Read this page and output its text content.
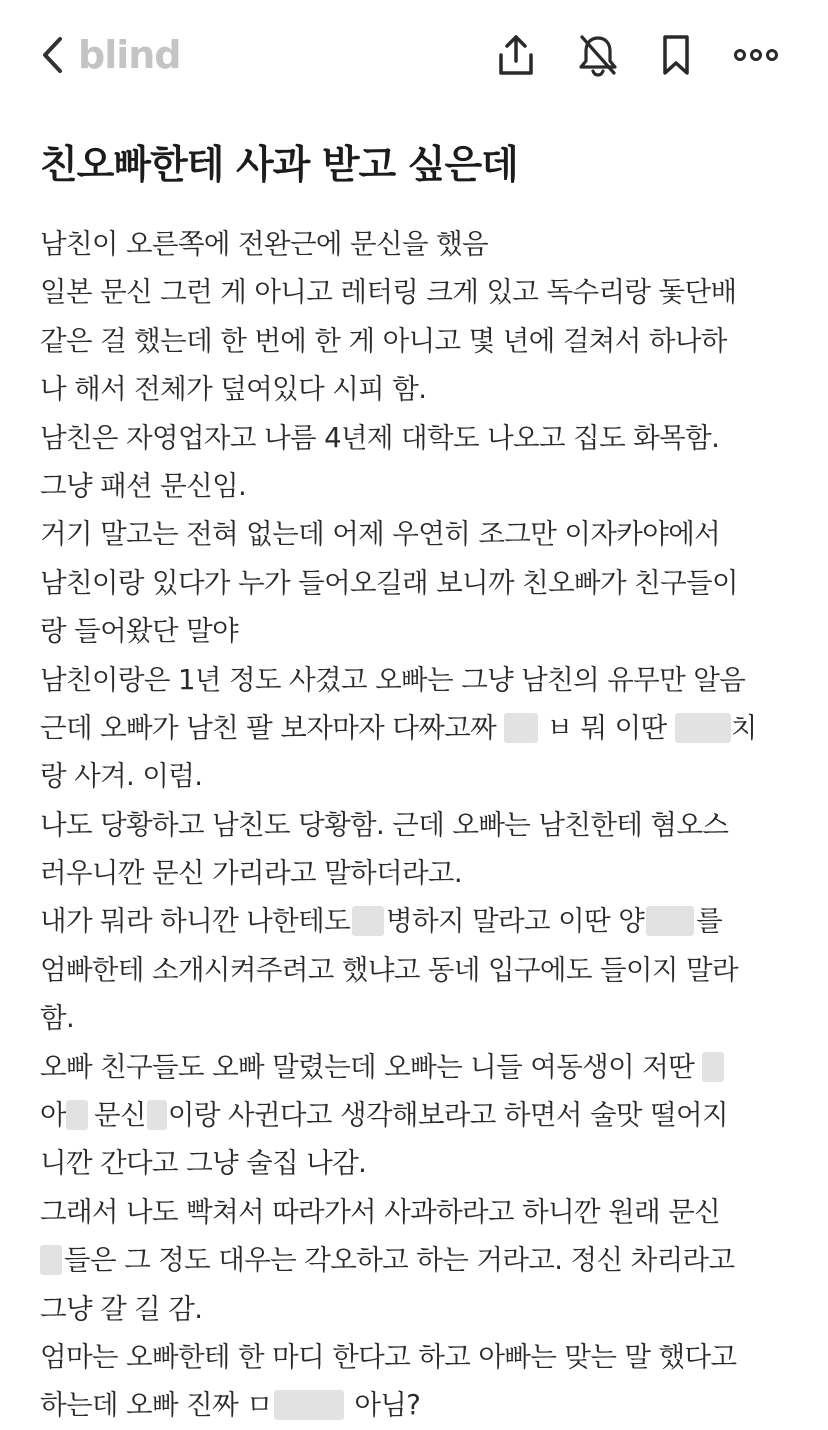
blind
친오빠한테 사과 받고 싶은데
남친이 오른쪽에 전완근에 문신을 했음
일본 문신 그런 게 아니고 레터링 크게 있고 독수리랑 돛단배
같은 걸 했는데 한 번에 한 게 아니고 몇 년에 걸쳐서 하나하
나 해서 전체가 덮여있다 시피 함.
남친은 자영업자고 나름 4년제 대학도 나오고 집도 화목함.
그냥 패션 문신임.
거기 말고는 전혀 없는데 어제 우연히 조그만 이자카야에서
남친이랑 있다가 누가 들어오길래 보니까 친오빠가 친구들이
랑 들어왔단 말야
남친이랑은 1년 정도 사겼고 오빠는 그냥 남친의 유무만 알음
근데 오빠가 남친 팔 보자마자 다짜고짜 ㅂ 뭐 이딴 치
랑 사겨. 이럼.
나도 당황하고 남친도 당황함. 근데 오빠는 남친한테 혐오스
러우니깐 문신 가리라고 말하더라고.
내가 뭐라 하니깐 나한테도 병하지 말라고 이딴 양 를
엄빠한테 소개시켜주려고 했냐고 동네 입구에도 들이지 말라
함.
오빠 친구들도 오빠 말렸는데 오빠는 니들 여동생이 저딴
아 문신 이랑 사귄다고 생각해보라고 하면서 술맛 떨어지
니깐 간다고 그냥 술집 나감.
그래서 나도 빡쳐서 따라가서 사과하라고 하니깐 원래 문신
들은 그 정도 대우는 각오하고 하는 거라고. 정신 차리라고
그냥 갈 길 감.
엄마는 오빠한테 한 마디 한다고 하고 아빠는 맞는 말 했다고
하는데 오빠 진짜 ㅁ	아님?
